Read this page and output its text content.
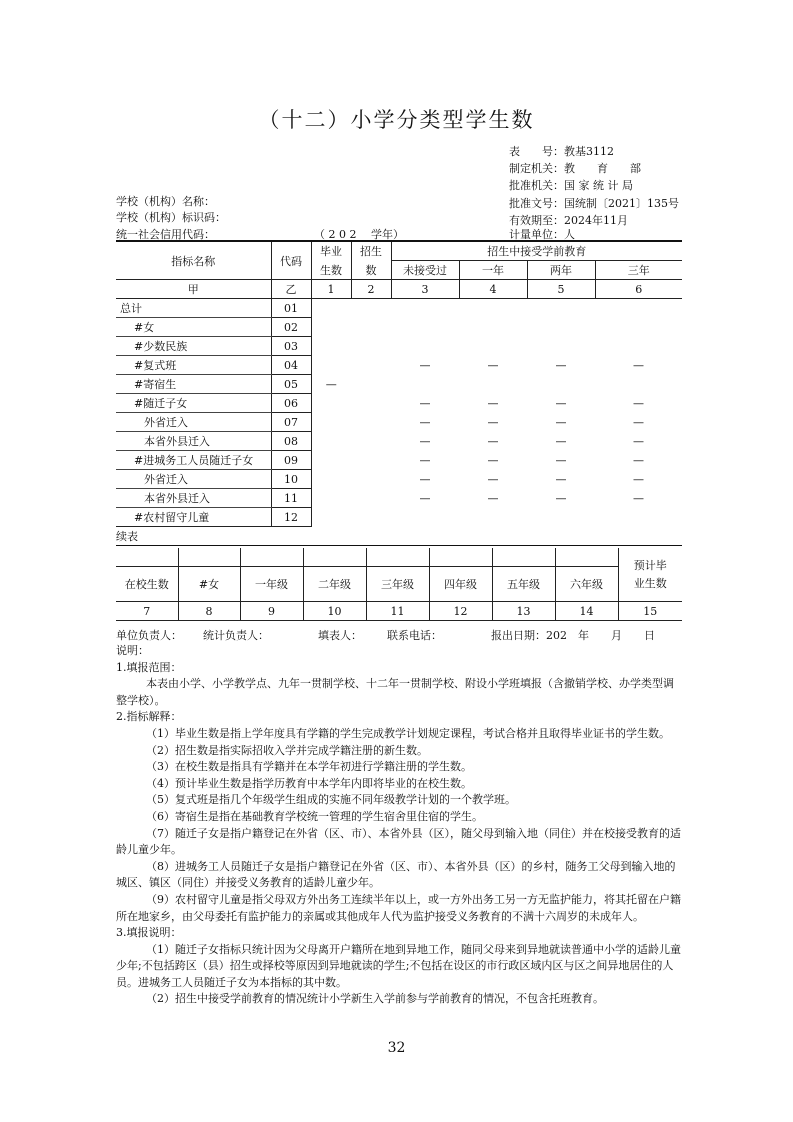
（十二）小学分类型学生数
表　　号：教基3112
制定机关：教　　育　　部
批准机关：国 家 统 计 局
批准文号：国统制〔2021〕135号
有效期至：2024年11月
学校（机构）名称：
学校（机构）标识码：
统一社会信用代码：	（ 2 0 2　 学年）	计量单位：人
指标名称	代码	毕业	招生	招生中接受学前教育			
		生数	数	未接受过	一年	两年	三年
甲	乙	1	2	3	4	5	6
总计	01						
#女	02						
#少数民族	03						
#复式班	04			—	—	—	—
#寄宿生	05	—					
#随迁子女	06			—	—	—	—
外省迁入	07			—	—	—	—
本省外县迁入	08			—	—	—	—
#进城务工人员随迁子女	09			—	—	—	—
外省迁入	10			—	—	—	—
本省外县迁入	11			—	—	—	—
#农村留守儿童	12						
续表

								预计毕
业生数

在校生数	#女	一年级	二年级	三年级	四年级	五年级	六年级	
7	8	9	10	11	12	13	14	15
单位负责人： 统计负责人：	填表人： 联系电话：	报出日期：202　年　　月　　日

说明：

1.填报范围：

本表由小学、小学教学点、九年一贯制学校、十二年一贯制学校、附设小学班填报（含撤销学校、办学类型调整学校）。

2.指标解释：

（1）毕业生数是指上学年度具有学籍的学生完成教学计划规定课程，考试合格并且取得毕业证书的学生数。

（2）招生数是指实际招收入学并完成学籍注册的新生数。

（3）在校生数是指具有学籍并在本学年初进行学籍注册的学生数。

（4）预计毕业生数是指学历教育中本学年内即将毕业的在校生数。

（5）复式班是指几个年级学生组成的实施不同年级教学计划的一个教学班。

（6）寄宿生是指在基础教育学校统一管理的学生宿舍里住宿的学生。

（7）随迁子女是指户籍登记在外省（区、市）、本省外县（区），随父母到输入地（同住）并在校接受教育的适龄儿童少年。

（8）进城务工人员随迁子女是指户籍登记在外省（区、市）、本省外县（区）的乡村，随务工父母到输入地的城区、镇区（同住）并接受义务教育的适龄儿童少年。

（9）农村留守儿童是指父母双方外出务工连续半年以上，或一方外出务工另一方无监护能力，将其托留在户籍所在地家乡，由父母委托有监护能力的亲属或其他成年人代为监护接受义务教育的不满十六周岁的未成年人。

3.填报说明：

（1）随迁子女指标只统计因为父母离开户籍所在地到异地工作，随同父母来到异地就读普通中小学的适龄儿童少年;不包括跨区（县）招生或择校等原因到异地就读的学生;不包括在设区的市行政区域内区与区之间异地居住的人员。进城务工人员随迁子女为本指标的其中数。

（2）招生中接受学前教育的情况统计小学新生入学前参与学前教育的情况，不包含托班教育。

32
